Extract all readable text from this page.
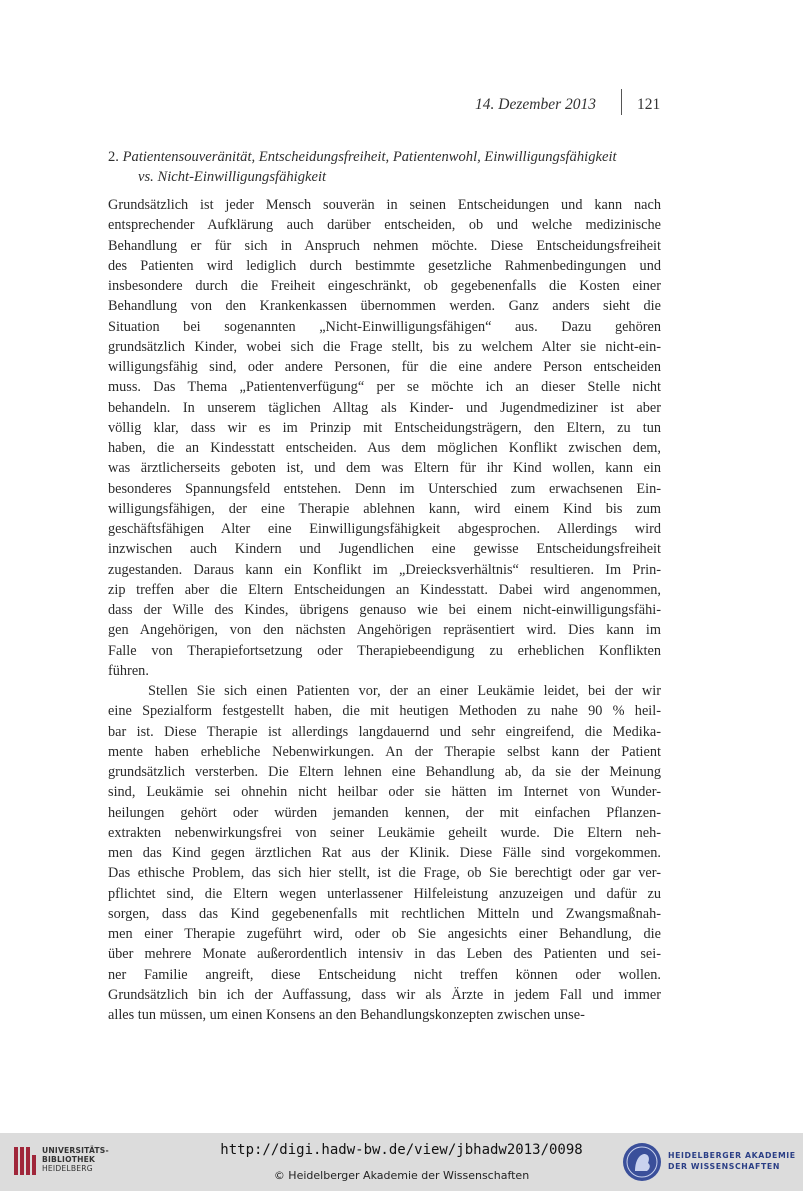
14. Dezember 2013	121
2. Patientensouveränität, Entscheidungsfreiheit, Patientenwohl, Einwilligungsfähigkeit
vs. Nicht-Einwilligungsfähigkeit
Grundsätzlich ist jeder Mensch souverän in seinen Entscheidungen und kann nach
entsprechender Aufklärung auch darüber entscheiden, ob und welche medizinische
Behandlung er für sich in Anspruch nehmen möchte. Diese Entscheidungsfreiheit
des Patienten wird lediglich durch bestimmte gesetzliche Rahmenbedingungen und
insbesondere durch die Freiheit eingeschränkt, ob gegebenenfalls die Kosten einer
Behandlung von den Krankenkassen übernommen werden. Ganz anders sieht die
Situation bei sogenannten „Nicht-Einwilligungsfähigen“ aus. Dazu gehören
grundsätzlich Kinder, wobei sich die Frage stellt, bis zu welchem Alter sie nicht-ein-
willigungsfähig sind, oder andere Personen, für die eine andere Person entscheiden
muss. Das Thema „Patientenverfügung“ per se möchte ich an dieser Stelle nicht
behandeln. In unserem täglichen Alltag als Kinder- und Jugendmediziner ist aber
völlig klar, dass wir es im Prinzip mit Entscheidungsträgern, den Eltern, zu tun
haben, die an Kindesstatt entscheiden. Aus dem möglichen Konflikt zwischen dem,
was ärztlicherseits geboten ist, und dem was Eltern für ihr Kind wollen, kann ein
besonderes Spannungsfeld entstehen. Denn im Unterschied zum erwachsenen Ein-
willigungsfähigen, der eine Therapie ablehnen kann, wird einem Kind bis zum
geschäftsfähigen Alter eine Einwilligungsfähigkeit abgesprochen. Allerdings wird
inzwischen auch Kindern und Jugendlichen eine gewisse Entscheidungsfreiheit
zugestanden. Daraus kann ein Konflikt im „Dreiecksverhältnis“ resultieren. Im Prin-
zip treffen aber die Eltern Entscheidungen an Kindesstatt. Dabei wird angenommen,
dass der Wille des Kindes, übrigens genauso wie bei einem nicht-einwilligungsfähi-
gen Angehörigen, von den nächsten Angehörigen repräsentiert wird. Dies kann im
Falle von Therapiefortsetzung oder Therapiebeendigung zu erheblichen Konflikten
führen.
Stellen Sie sich einen Patienten vor, der an einer Leukämie leidet, bei der wir
eine Spezialform festgestellt haben, die mit heutigen Methoden zu nahe 90 % heil-
bar ist. Diese Therapie ist allerdings langdauernd und sehr eingreifend, die Medika-
mente haben erhebliche Nebenwirkungen. An der Therapie selbst kann der Patient
grundsätzlich versterben. Die Eltern lehnen eine Behandlung ab, da sie der Meinung
sind, Leukämie sei ohnehin nicht heilbar oder sie hätten im Internet von Wunder-
heilungen gehört oder würden jemanden kennen, der mit einfachen Pflanzen-
extrakten nebenwirkungsfrei von seiner Leukämie geheilt wurde. Die Eltern neh-
men das Kind gegen ärztlichen Rat aus der Klinik. Diese Fälle sind vorgekommen.
Das ethische Problem, das sich hier stellt, ist die Frage, ob Sie berechtigt oder gar ver-
pflichtet sind, die Eltern wegen unterlassener Hilfeleistung anzuzeigen und dafür zu
sorgen, dass das Kind gegebenenfalls mit rechtlichen Mitteln und Zwangsmaßnah-
men einer Therapie zugeführt wird, oder ob Sie angesichts einer Behandlung, die
über mehrere Monate außerordentlich intensiv in das Leben des Patienten und sei-
ner Familie angreift, diese Entscheidung nicht treffen können oder wollen.
Grundsätzlich bin ich der Auffassung, dass wir als Ärzte in jedem Fall und immer
alles tun müssen, um einen Konsens an den Behandlungskonzepten zwischen unse-
UNIVERSITÄTS-
BIBLIOTHEK
HEIDELBERG
http://digi.hadw-bw.de/view/jbhadw2013/0098
© Heidelberger Akademie der Wissenschaften
HEIDELBERGER AKADEMIE
DER WISSENSCHAFTEN
